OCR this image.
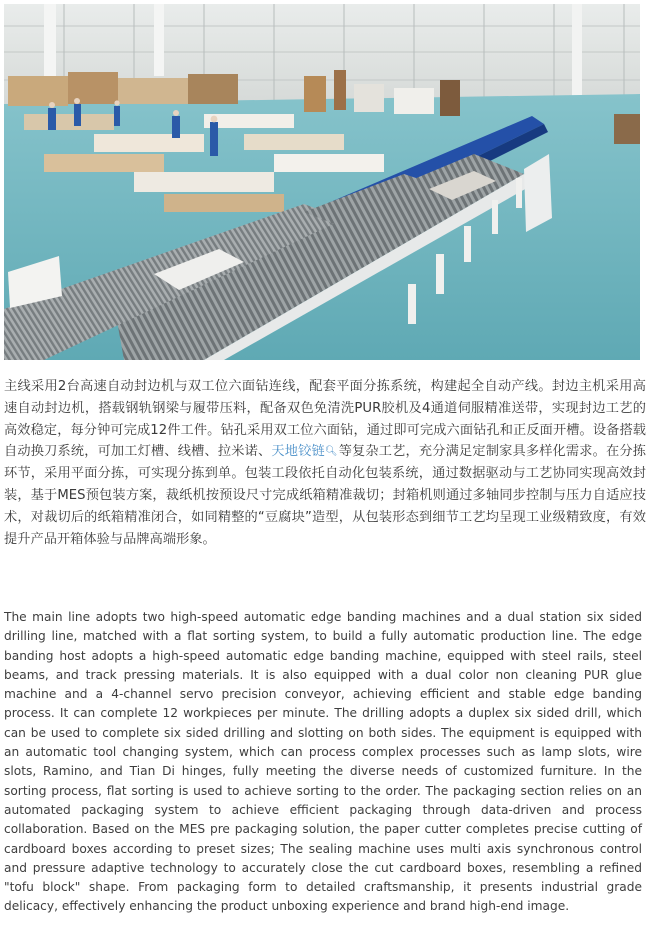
主线采用2台高速自动封边机与双工位六面钻连线，配套平面分拣系统，构建起全自动产线。封边主机采用高速自动封边机，搭载钢轨钢梁与履带压料，配备双色免清洗PUR胶机及4通道伺服精准送带，实现封边工艺的高效稳定，每分钟可完成12件工件。钻孔采用双工位六面钻，通过即可完成六面钻孔和正反面开槽。设备搭载自动换刀系统，可加工灯槽、线槽、拉米诺、天地铰链🔍︎等复杂工艺，充分满足定制家具多样化需求。在分拣环节，采用平面分拣，可实现分拣到单。包装工段依托自动化包装系统，通过数据驱动与工艺协同实现高效封装，基于MES预包装方案，裁纸机按预设尺寸完成纸箱精准裁切；封箱机则通过多轴同步控制与压力自适应技术，对裁切后的纸箱精准闭合，如同精整的“豆腐块”造型，从包装形态到细节工艺均呈现工业级精致度，有效提升产品开箱体验与品牌高端形象。
The main line adopts two high-speed automatic edge banding machines and a dual station six sided drilling line, matched with a flat sorting system, to build a fully automatic production line. The edge banding host adopts a high-speed automatic edge banding machine, equipped with steel rails, steel beams, and track pressing materials. It is also equipped with a dual color non cleaning PUR glue machine and a 4-channel servo precision conveyor, achieving efficient and stable edge banding process. It can complete 12 workpieces per minute. The drilling adopts a duplex six sided drill, which can be used to complete six sided drilling and slotting on both sides. The equipment is equipped with an automatic tool changing system, which can process complex processes such as lamp slots, wire slots, Ramino, and Tian Di hinges, fully meeting the diverse needs of customized furniture. In the sorting process, flat sorting is used to achieve sorting to the order. The packaging section relies on an automated packaging system to achieve efficient packaging through data-driven and process collaboration. Based on the MES pre packaging solution, the paper cutter completes precise cutting of cardboard boxes according to preset sizes; The sealing machine uses multi axis synchronous control and pressure adaptive technology to accurately close the cut cardboard boxes, resembling a refined "tofu block" shape. From packaging form to detailed craftsmanship, it presents industrial grade delicacy, effectively enhancing the product unboxing experience and brand high-end image.
